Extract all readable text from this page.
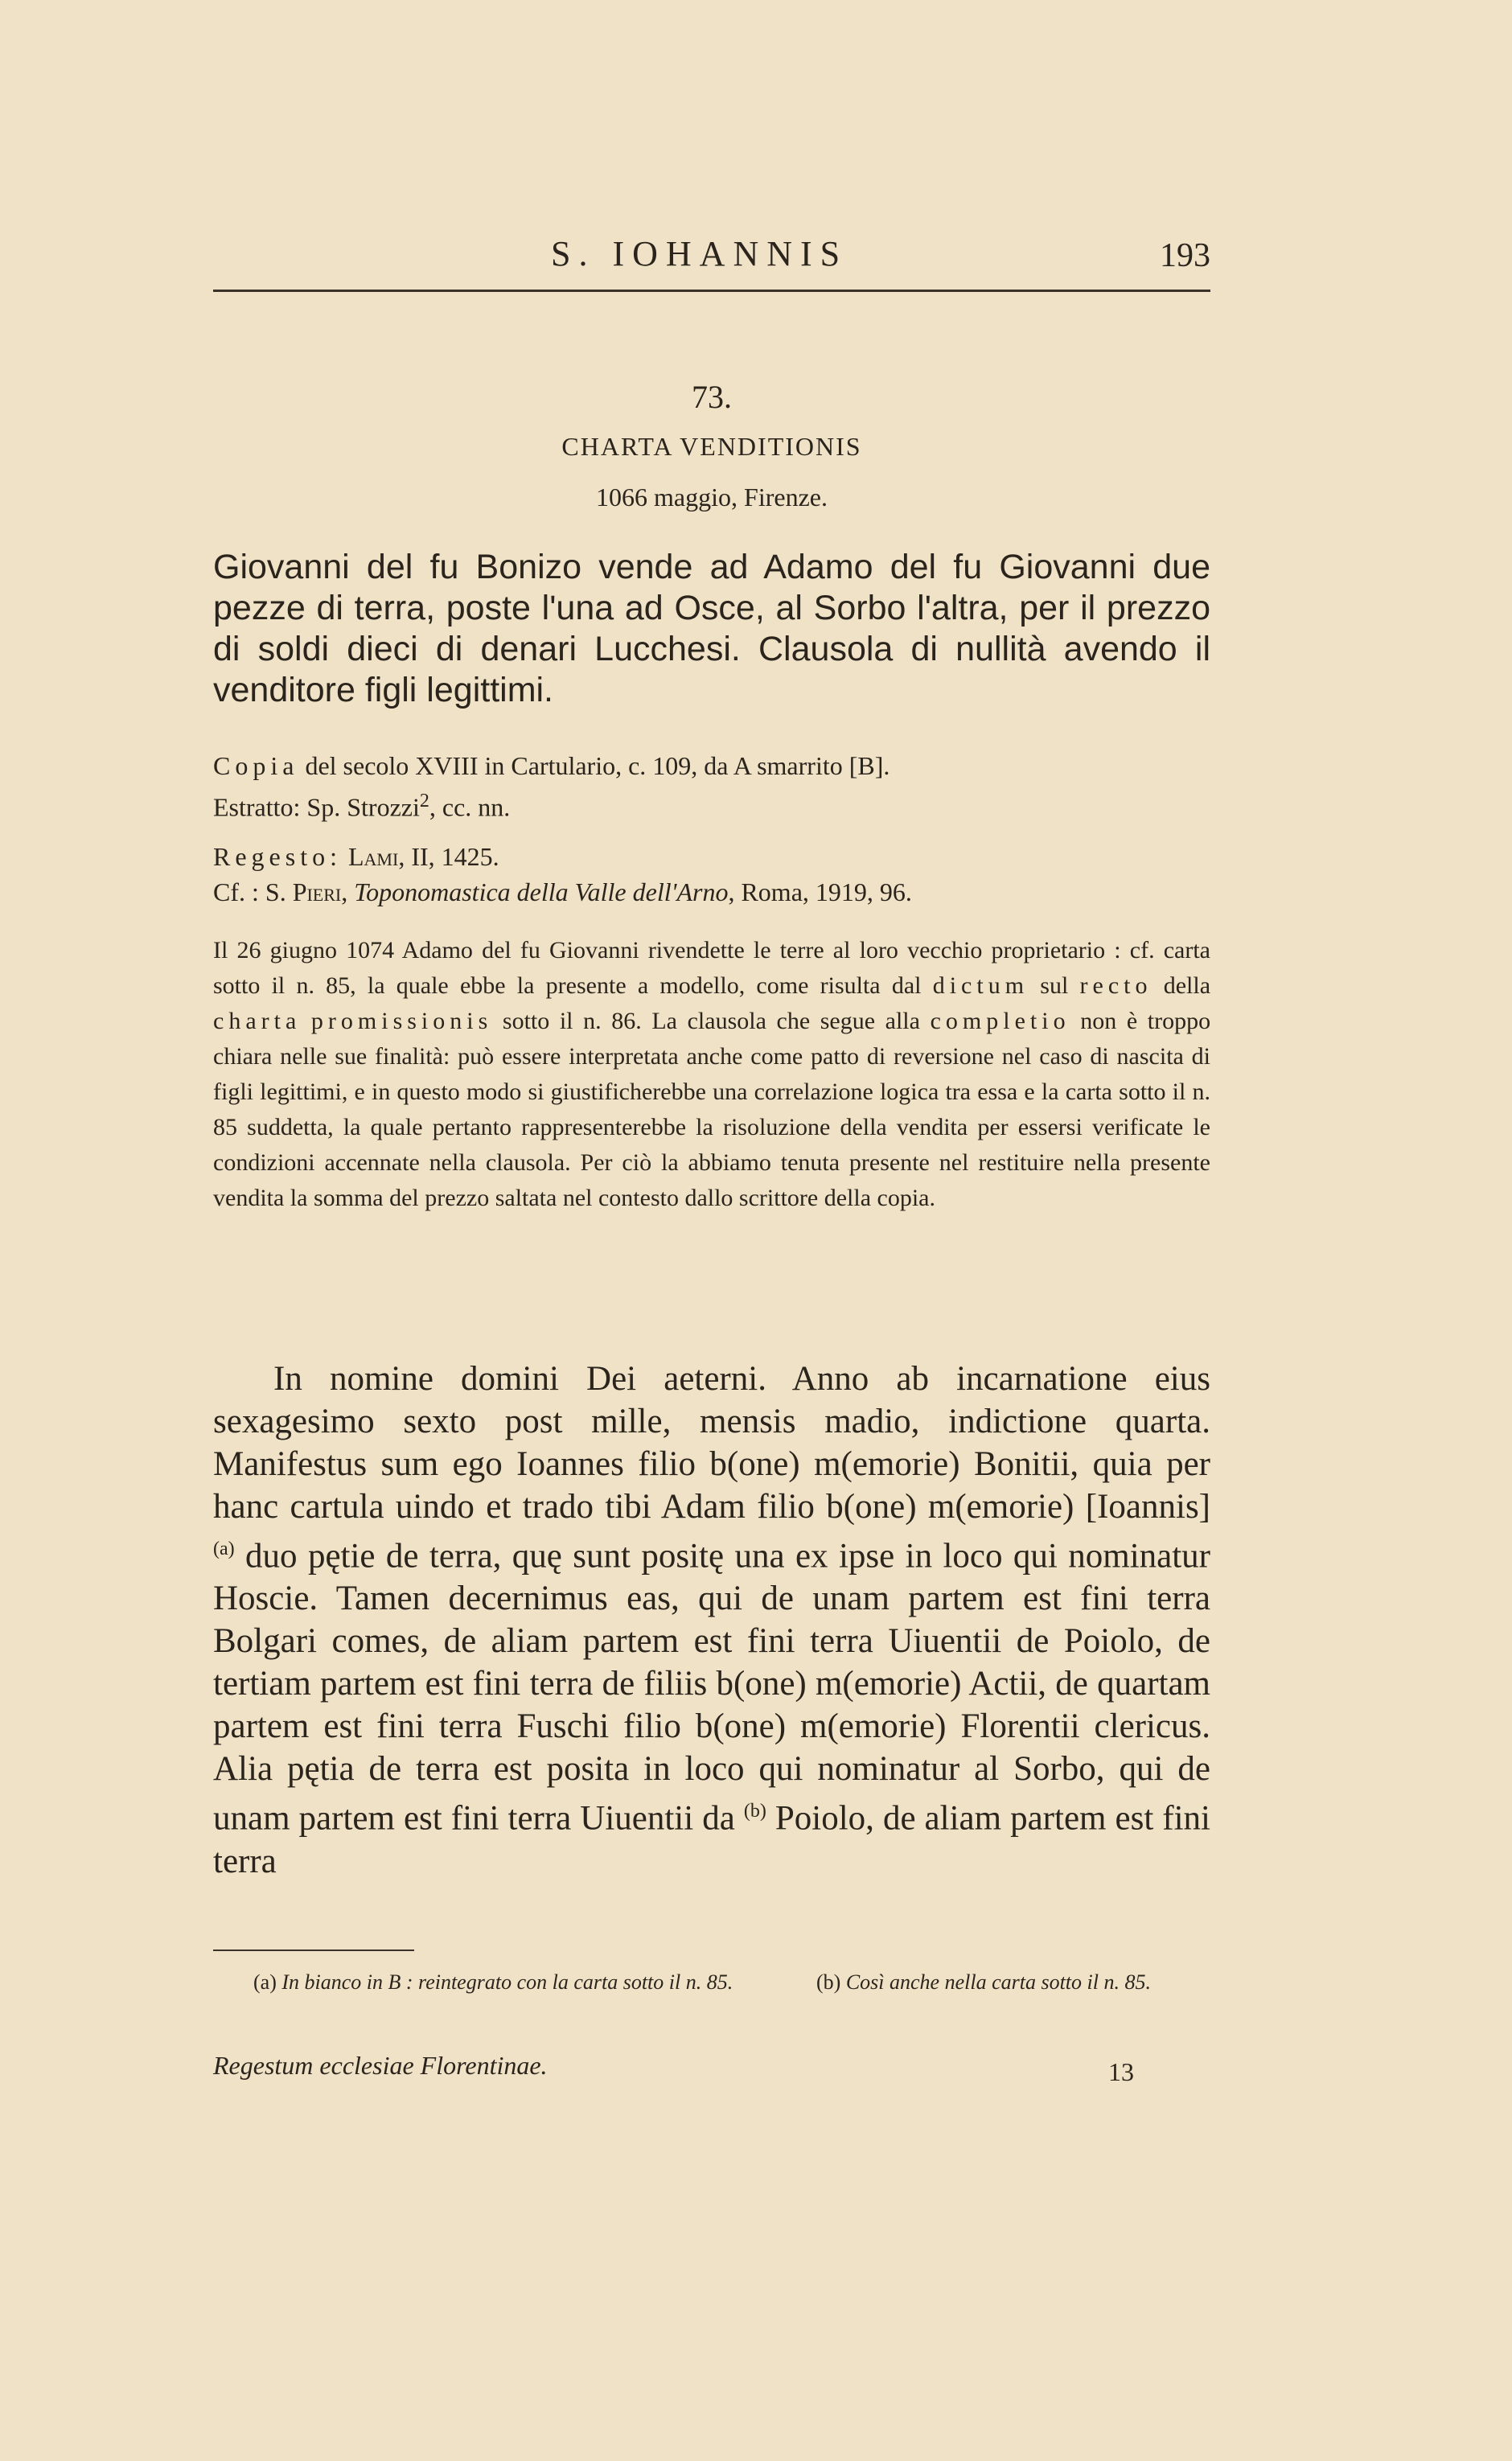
S. IOHANNIS	193
73.
CHARTA VENDITIONIS
1066 maggio, Firenze.
Giovanni del fu Bonizo vende ad Adamo del fu Giovanni due pezze di terra, poste l'una ad Osce, al Sorbo l'altra, per il prezzo di soldi dieci di denari Lucchesi. Clausola di nullità avendo il venditore figli legittimi.
Copia del secolo XVIII in Cartulario, c. 109, da A smarrito [B].
Estratto: Sp. Strozzi$^2$, cc. nn.
Regesto: Lami, II, 1425.
Cf. : S. Pieri, Toponomastica della Valle dell'Arno, Roma, 1919, 96.
Il 26 giugno 1074 Adamo del fu Giovanni rivendette le terre al loro vecchio proprietario : cf. carta sotto il n. 85, la quale ebbe la presente a modello, come risulta dal dictum sul recto della charta promissionis sotto il n. 86. La clausola che segue alla completio non è troppo chiara nelle sue finalità: può essere interpretata anche come patto di reversione nel caso di nascita di figli legittimi, e in questo modo si giustificherebbe una correlazione logica tra essa e la carta sotto il n. 85 suddetta, la quale pertanto rappresenterebbe la risoluzione della vendita per essersi verificate le condizioni accennate nella clausola. Per ciò la abbiamo tenuta presente nel restituire nella presente vendita la somma del prezzo saltata nel contesto dallo scrittore della copia.

In nomine domini Dei aeterni. Anno ab incarnatione eius sexagesimo sexto post mille, mensis madio, indictione quarta. Manifestus sum ego Ioannes filio b(one) m(emorie) Bonitii, quia per hanc cartula uindo et trado tibi Adam filio b(one) m(emorie) [Ioannis] $^{(a)}$ duo pętie de terra, quę sunt positę una ex ipse in loco qui nominatur Hoscie. Tamen decernimus eas, qui de unam partem est fini terra Bolgari comes, de aliam partem est fini terra Uiuentii de Poiolo, de tertiam partem est fini terra de filiis b(one) m(emorie) Actii, de quartam partem est fini terra Fuschi filio b(one) m(emorie) Florentii clericus. Alia pętia de terra est posita in loco qui nominatur al Sorbo, qui de unam partem est fini terra Uiuentii da $^{(b)}$ Poiolo, de aliam partem est fini terra

(a) In bianco in B : reintegrato con la carta sotto il n. 85.	(b) Così anche nella carta sotto il n. 85.
Regestum ecclesiae Florentinae.	13
